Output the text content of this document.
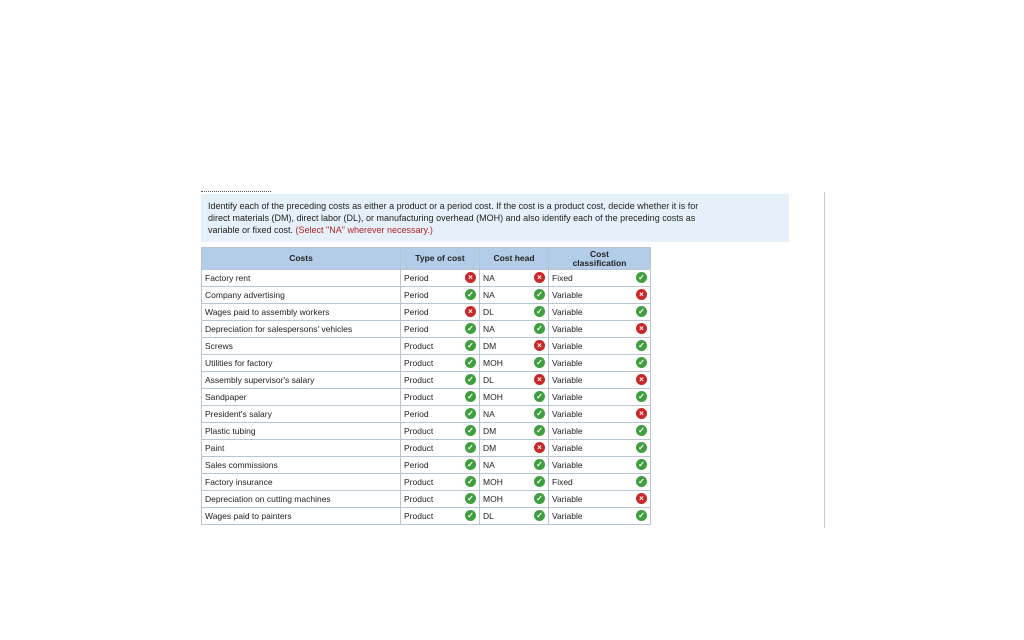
Identify each of the preceding costs as either a product or a period cost. If the cost is a product cost, decide whether it is for
direct materials (DM), direct labor (DL), or manufacturing overhead (MOH) and also identify each of the preceding costs as
variable or fixed cost. (Select "NA" wherever necessary.)
Costs	Type of cost	Cost head	Cost
classification
Factory rent	Period ×	NA ×	Fixed ✓

Company advertising	Period ✓	NA ✓	Variable ×

Wages paid to assembly workers	Period ×	DL ✓	Variable ✓

Depreciation for salespersons' vehicles	Period ✓	NA ✓	Variable ×

Screws	Product ✓	DM ×	Variable ✓

Utilities for factory	Product ✓	MOH ✓	Variable ✓

Assembly supervisor's salary	Product ✓	DL ×	Variable ×

Sandpaper	Product ✓	MOH ✓	Variable ✓

President's salary	Period ✓	NA ✓	Variable ×

Plastic tubing	Product ✓	DM ✓	Variable ✓

Paint	Product ✓	DM ×	Variable ✓

Sales commissions	Period ✓	NA ✓	Variable ✓

Factory insurance	Product ✓	MOH ✓	Fixed ✓

Depreciation on cutting machines	Product ✓	MOH ✓	Variable ×

Wages paid to painters	Product ✓	DL ✓	Variable ✓
